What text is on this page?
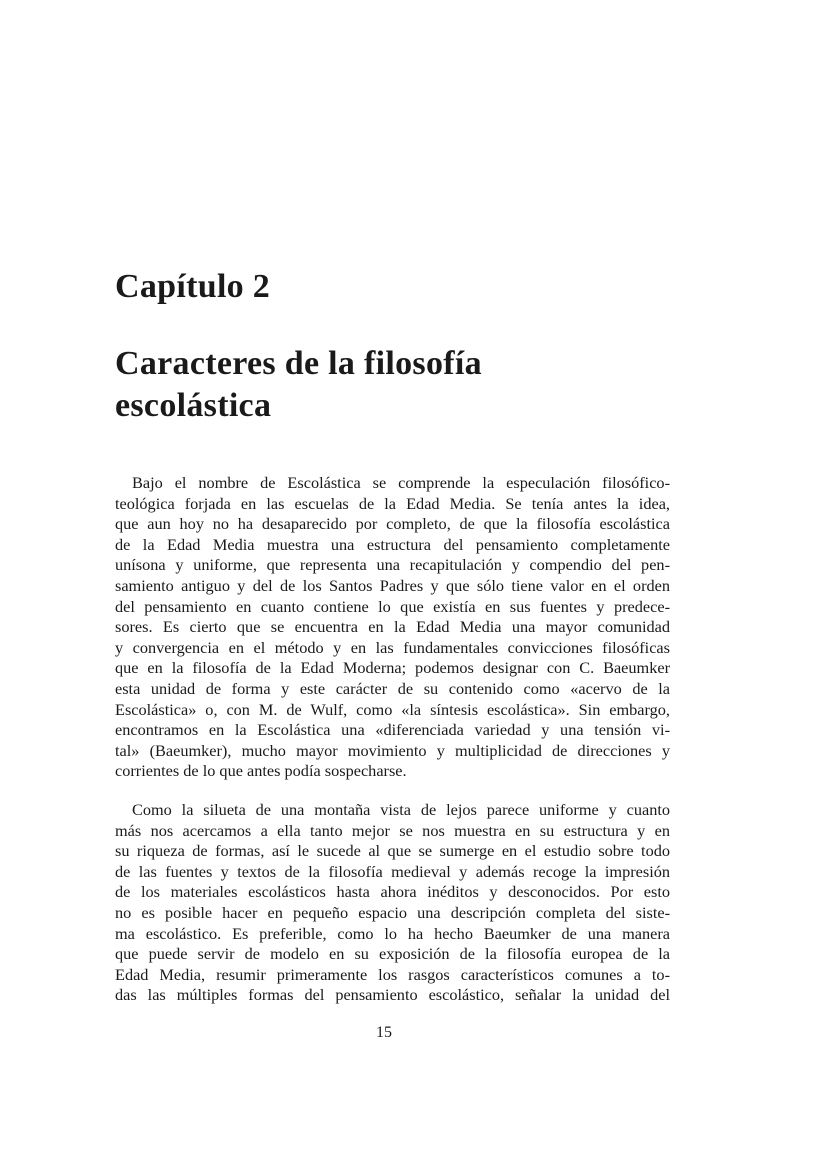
Capítulo 2
Caracteres de la filosofía
escolástica
Bajo el nombre de Escolástica se comprende la especulación filosófico-
teológica forjada en las escuelas de la Edad Media. Se tenía antes la idea,
que aun hoy no ha desaparecido por completo, de que la filosofía escolástica
de la Edad Media muestra una estructura del pensamiento completamente
unísona y uniforme, que representa una recapitulación y compendio del pen-
samiento antiguo y del de los Santos Padres y que sólo tiene valor en el orden
del pensamiento en cuanto contiene lo que existía en sus fuentes y predece-
sores. Es cierto que se encuentra en la Edad Media una mayor comunidad
y convergencia en el método y en las fundamentales convicciones filosóficas
que en la filosofía de la Edad Moderna; podemos designar con C. Baeumker
esta unidad de forma y este carácter de su contenido como «acervo de la
Escolástica» o, con M. de Wulf, como «la síntesis escolástica». Sin embargo,
encontramos en la Escolástica una «diferenciada variedad y una tensión vi-
tal» (Baeumker), mucho mayor movimiento y multiplicidad de direcciones y
corrientes de lo que antes podía sospecharse.
Como la silueta de una montaña vista de lejos parece uniforme y cuanto
más nos acercamos a ella tanto mejor se nos muestra en su estructura y en
su riqueza de formas, así le sucede al que se sumerge en el estudio sobre todo
de las fuentes y textos de la filosofía medieval y además recoge la impresión
de los materiales escolásticos hasta ahora inéditos y desconocidos. Por esto
no es posible hacer en pequeño espacio una descripción completa del siste-
ma escolástico. Es preferible, como lo ha hecho Baeumker de una manera
que puede servir de modelo en su exposición de la filosofía europea de la
Edad Media, resumir primeramente los rasgos característicos comunes a to-
das las múltiples formas del pensamiento escolástico, señalar la unidad del
15
